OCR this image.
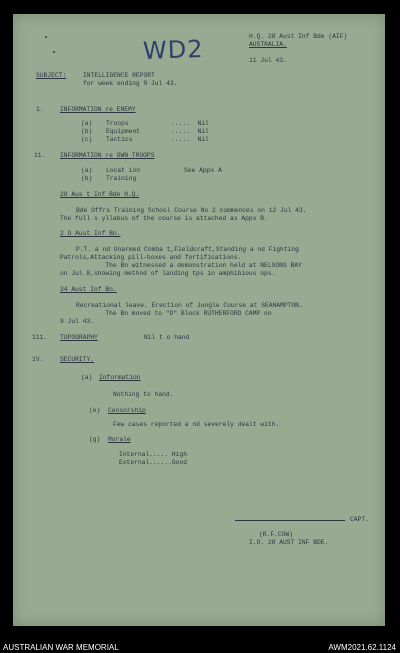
WD2	H.Q. 28 Aust Inf Bde (AIF)
AUSTRALIA.
11 Jul 43.
SUBJECT:	INTELLIGENCE REPORT
for week ending 9 Jul 43.
1.	INFORMATION re ENEMY
(a) Troops	.....  Nil
(b) Equipment	.....  Nil
(c) Tactics	.....  Nil
11. INFORMATION re OWN TROOPS
(a) Locat ion	See Appx A
(b) Training
28 Aus t Inf Bde H.Q.
Bde Offrs Training School Course No 2 commences on 12 Jul 43.
The full s yllabus of the course is attached as Appx B.
2 O Aust Inf Bn.
P.T. a nd Unarmed Comba t,Fieldcraft,Standing a nd Fighting
Patrols,Attacking pill-boxes and fortifications.
The Bn witnessed a demonstration held at NELSONS BAY
on Jul 8,showing method of landing tps in amphibious ops.
34 Aust Inf Bn.
Recreational leave. Erection of Jungle Course at SEAHAMPTON.
The Bn moved to "D" Block RUTHERFORD CAMP on
9 Jul 43.
111. TOPOGRAPHY	Nil t o hand
1V.	SECURITY.
(a) Information
Nothing to hand.
(e) Censorship
Few cases reported a nd severely dealt with.
(g) Morale
Internal..... High
External......Good
CAPT.
(R.F.COW)
I.O. 28 AUST INF BDE.
AUSTRALIAN WAR MEMORIAL	AWM2021.62.1124
